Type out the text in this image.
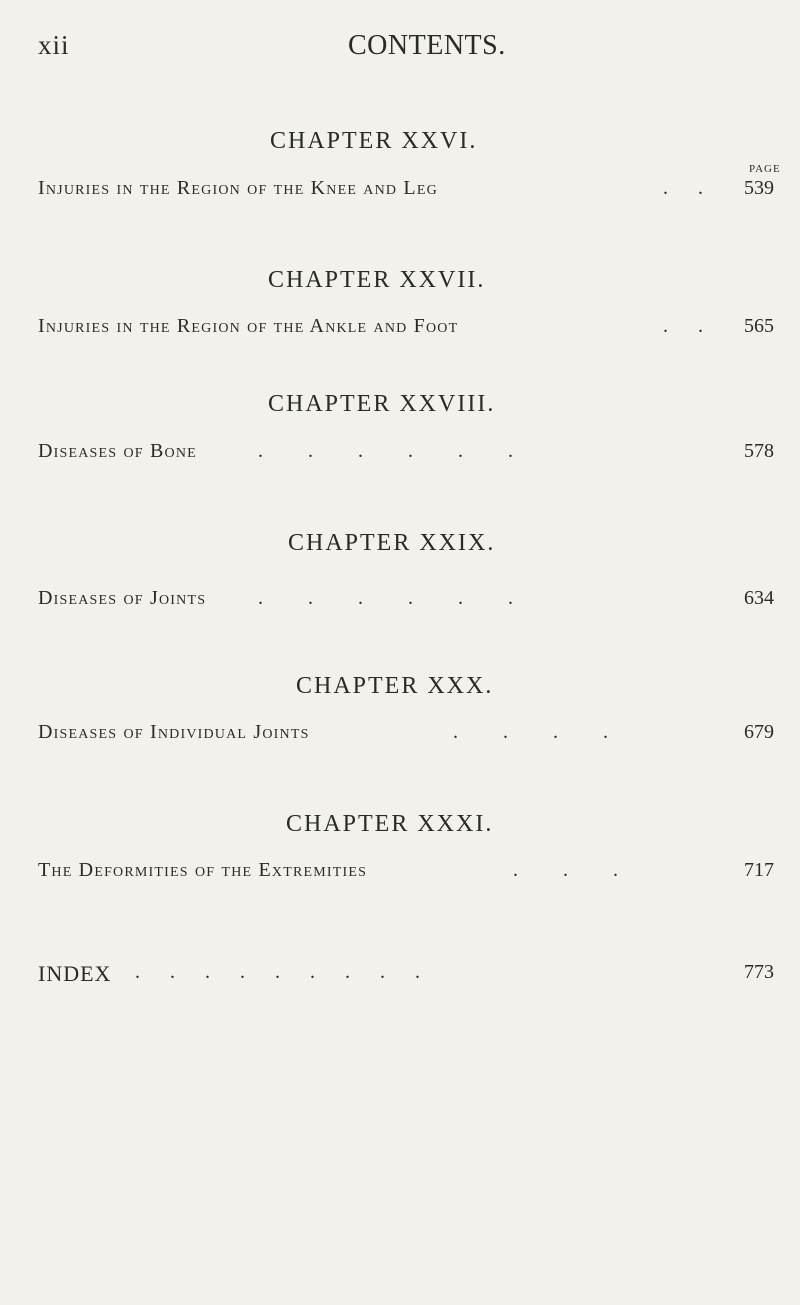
xii	CONTENTS.
CHAPTER XXVI.
PAGE
Injuries in the Region of the Knee and Leg	.      . 539
CHAPTER XXVII.
Injuries in the Region of the Ankle and Foot	.      . 565
CHAPTER XXVIII.
Diseases of Bone	.         .         .         .         .         .	578
CHAPTER XXIX.
Diseases of Joints	.         .         .         .         .         .	634
CHAPTER XXX.
Diseases of Individual Joints	.         .         .         .	679
CHAPTER XXXI.
The Deformities of the Extremities	.         .         .	717
INDEX .      .      .      .      .      .      .      .      .	773
